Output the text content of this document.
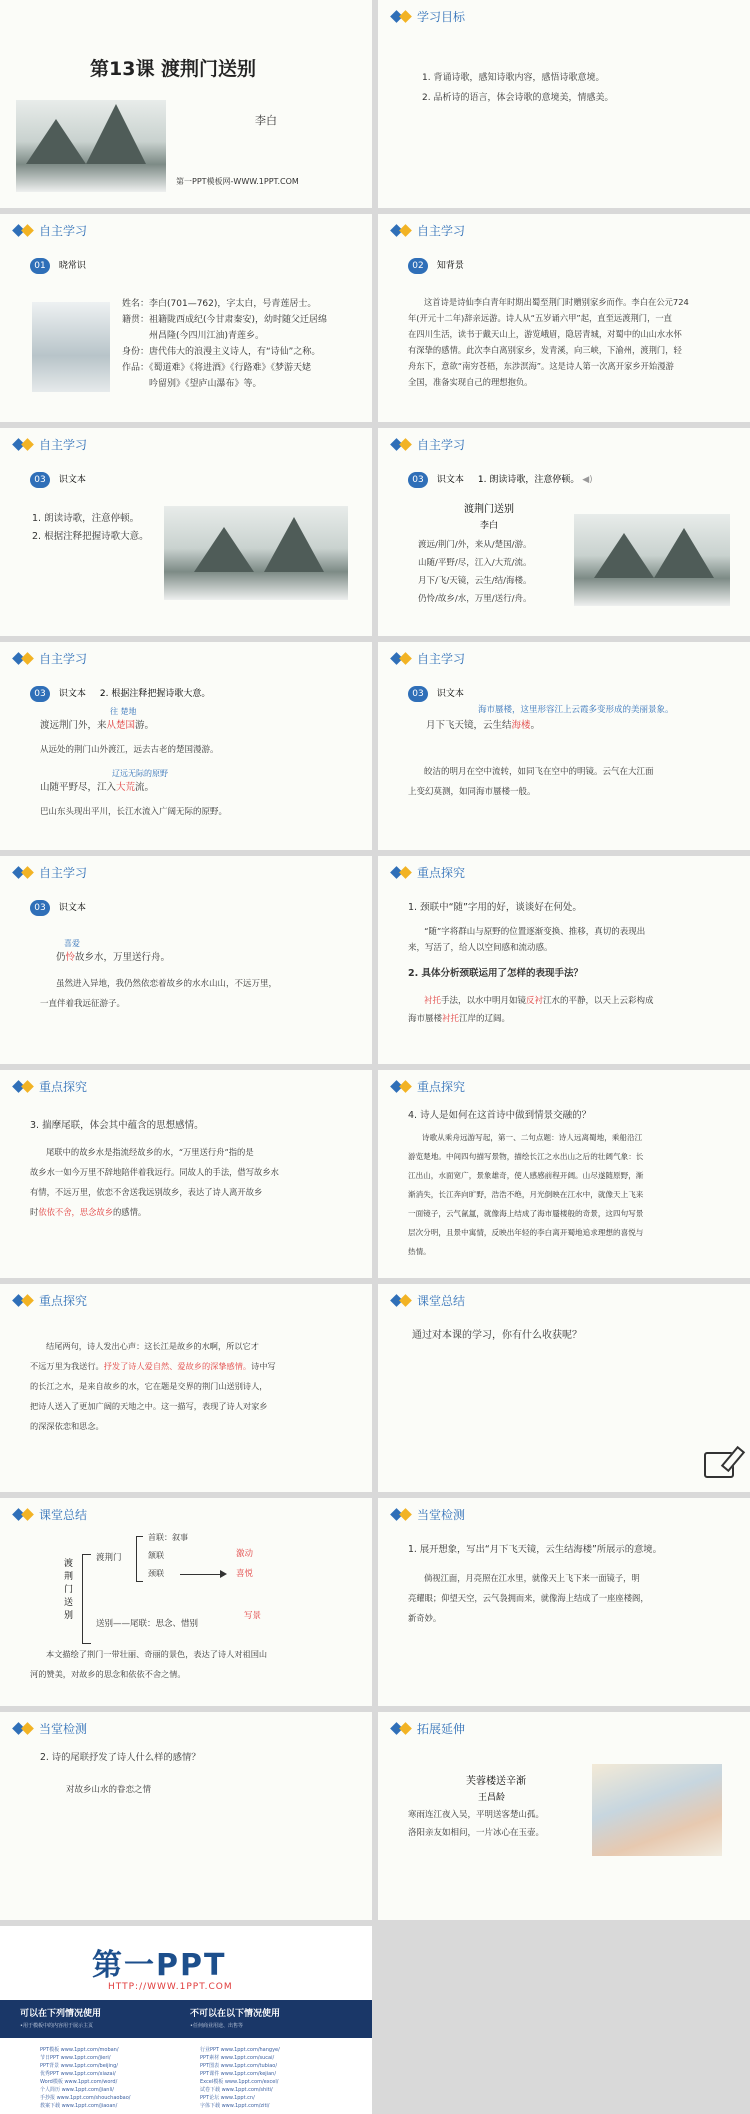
第13课 渡荆门送别
李白
第一PPT模板网-WWW.1PPT.COM
学习目标
1. 背诵诗歌，感知诗歌内容，感悟诗歌意境。
2. 品析诗的语言，体会诗歌的意境美，情感美。
自主学习
01 晓常识
姓名：李白(701—762)，字太白，号青莲居士。
籍贯：祖籍陇西成纪(今甘肃秦安)，幼时随父迁居绵
州昌隆(今四川江油)青莲乡。
身份：唐代伟大的浪漫主义诗人，有“诗仙”之称。
作品：《蜀道难》《将进酒》《行路难》《梦游天姥
吟留别》《望庐山瀑布》等。
自主学习
02 知背景
这首诗是诗仙李白青年时期出蜀至荆门时赠别家乡而作。李白在公元724
年(开元十二年)辞亲远游。诗人从“五岁诵六甲”起，直至远渡荆门，一直
在四川生活，读书于戴天山上，游览峨眉，隐居青城，对蜀中的山山水水怀
有深挚的感情。此次李白离别家乡，发青溪，向三峡，下渝州，渡荆门，轻
舟东下，意欲“南穷苍梧，东涉溟海”。这是诗人第一次离开家乡开始漫游
全国，准备实现自己的理想抱负。
自主学习
03 识文本
1. 朗读诗歌，注意停顿。
2. 根据注释把握诗歌大意。
自主学习
03 识文本 1. 朗读诗歌，注意停顿。 ◀)
渡荆门送别
李白
渡远/荆门/外，来从/楚国/游。
山随/平野/尽，江入/大荒/流。
月下/飞/天镜，云生/结/海楼。
仍怜/故乡/水，万里/送行/舟。
自主学习
03 识文本 2. 根据注释把握诗歌大意。
往 楚地
渡远荆门外，来从楚国游。
从远处的荆门山外渡江，远去古老的楚国漫游。
辽远无际的原野
山随平野尽，江入大荒流。
巴山东头现出平川，长江水流入广阔无际的原野。
自主学习
03 识文本
海市蜃楼，这里形容江上云霞多变形成的美丽景象。
月下飞天镜，云生结海楼。
皎洁的明月在空中流转，如同飞在空中的明镜。云气在大江面
上变幻莫测，如同海市蜃楼一般。
自主学习
03 识文本
喜爱
仍怜故乡水，万里送行舟。
虽然进入异地，我仍然依恋着故乡的水水山山，不远万里，
一直伴着我远征游子。
重点探究
1. 颈联中“随”字用的好，谈谈好在何处。
“随”字将群山与原野的位置逐渐变换、推移，真切的表现出
来，写活了，给人以空间感和流动感。
2. 具体分析颈联运用了怎样的表现手法？
衬托手法，以水中明月如镜反衬江水的平静，以天上云彩构成
海市蜃楼衬托江岸的辽阔。
重点探究
3. 揣摩尾联，体会其中蕴含的思想感情。
尾联中的故乡水是指流经故乡的水，“万里送行舟”指的是
故乡水一如今万里不辞地陪伴着我远行。同故人的手法，借写故乡水
有情，不远万里，依恋不舍送我远别故乡，表达了诗人离开故乡
时依依不舍，思念故乡的感情。
重点探究
4. 诗人是如何在这首诗中做到情景交融的？
诗歌从乘舟远游写起，第一、二句点题：诗人远离蜀地，乘船沿江
游览楚地。中间四句描写景物，描绘长江之水出山之后的壮阔气象：长
江出山，水面宽广，景象雄奇，使人感感前程开阔。山尽遂随原野，渐
渐消失，长江奔向旷野，浩浩不绝，月光倒映在江水中，就像天上飞来
一面镜子，云气氤氲，就像海上结成了海市蜃楼般的奇景，这四句写景
层次分明，且景中寓情，反映出年轻的李白离开蜀地追求理想的喜悦与
热情。
重点探究
结尾两句，诗人发出心声：这长江是故乡的水啊，所以它才
不远万里为我送行。抒发了诗人爱自然、爱故乡的深挚感情。诗中写
的长江之水，是来自故乡的水，它在题是交界的荆门山送别诗人，
把诗人送入了更加广阔的天地之中。这一描写，表现了诗人对家乡
的深深依恋和思念。
课堂总结
通过对本课的学习，你有什么收获呢？
课堂总结
渡荆门送别
渡荆门
首联：叙事
颔联
颈联
激动
喜悦
写景
送别——尾联：思念、惜别
本文描绘了荆门一带壮丽、奇丽的景色，表达了诗人对祖国山
河的赞美，对故乡的思念和依依不舍之情。
当堂检测
1. 展开想象，写出“月下飞天镜，云生结海楼”所展示的意境。
倘视江面，月亮照在江水里，就像天上飞下来一面镜子，明
亮耀眼；仰望天空，云气袅拥而来，就像海上结成了一座座楼阁，
新奇妙。
当堂检测
2. 诗的尾联抒发了诗人什么样的感情？
对故乡山水的眷恋之情
拓展延伸
芙蓉楼送辛渐
王昌龄
寒雨连江夜入吴，平明送客楚山孤。
洛阳亲友如相问，一片冰心在玉壶。
第一PPT
HTTP://WWW.1PPT.COM
可以在下列情况使用
•用于模板中的内容用于展示主页
不可以在以下情况使用
•任何商业用途、出售等
PPT模板 www.1ppt.com/moban/	行业PPT www.1ppt.com/hangye/
节日PPT www.1ppt.com/jieri/	PPT素材 www.1ppt.com/sucai/
PPT背景 www.1ppt.com/beijing/	PPT图表 www.1ppt.com/tubiao/
优秀PPT www.1ppt.com/xiazai/	PPT课件 www.1ppt.com/kejian/
Word模板 www.1ppt.com/word/	Excel模板 www.1ppt.com/excel/
个人简历 www.1ppt.com/jianli/	试卷下载 www.1ppt.com/shiti/
手抄报 www.1ppt.com/shouchaobao/	PPT论坛 www.1ppt.cn/
教案下载 www.1ppt.com/jiaoan/	字体下载 www.1ppt.com/ziti/
